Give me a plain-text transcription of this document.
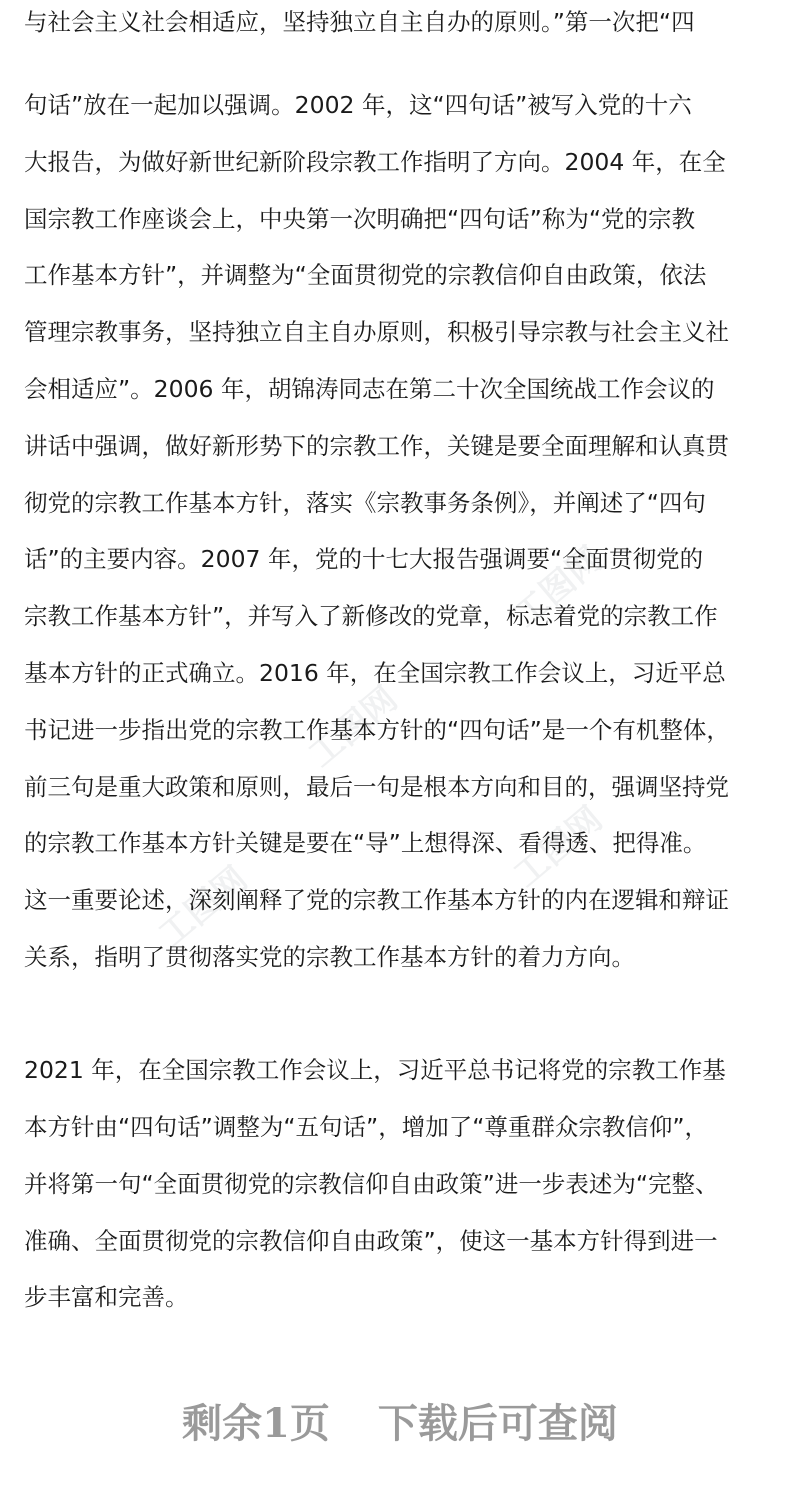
工图网
工图网
工图网
工图网
与社会主义社会相适应，坚持独立自主自办的原则。”第一次把“四
句话”放在一起加以强调。2002 年，这“四句话”被写入党的十六
大报告，为做好新世纪新阶段宗教工作指明了方向。2004 年，在全
国宗教工作座谈会上，中央第一次明确把“四句话”称为“党的宗教
工作基本方针”，并调整为“全面贯彻党的宗教信仰自由政策，依法
管理宗教事务，坚持独立自主自办原则，积极引导宗教与社会主义社
会相适应”。2006 年，胡锦涛同志在第二十次全国统战工作会议的
讲话中强调，做好新形势下的宗教工作，关键是要全面理解和认真贯
彻党的宗教工作基本方针，落实《宗教事务条例》，并阐述了“四句
话”的主要内容。2007 年，党的十七大报告强调要“全面贯彻党的
宗教工作基本方针”，并写入了新修改的党章，标志着党的宗教工作
基本方针的正式确立。2016 年，在全国宗教工作会议上，习近平总
书记进一步指出党的宗教工作基本方针的“四句话”是一个有机整体，
前三句是重大政策和原则，最后一句是根本方向和目的，强调坚持党
的宗教工作基本方针关键是要在“导”上想得深、看得透、把得准。
这一重要论述，深刻阐释了党的宗教工作基本方针的内在逻辑和辩证
关系，指明了贯彻落实党的宗教工作基本方针的着力方向。
2021 年，在全国宗教工作会议上，习近平总书记将党的宗教工作基
本方针由“四句话”调整为“五句话”，增加了“尊重群众宗教信仰”，
并将第一句“全面贯彻党的宗教信仰自由政策”进一步表述为“完整、
准确、全面贯彻党的宗教信仰自由政策”，使这一基本方针得到进一
步丰富和完善。
剩余1页 下载后可查阅
